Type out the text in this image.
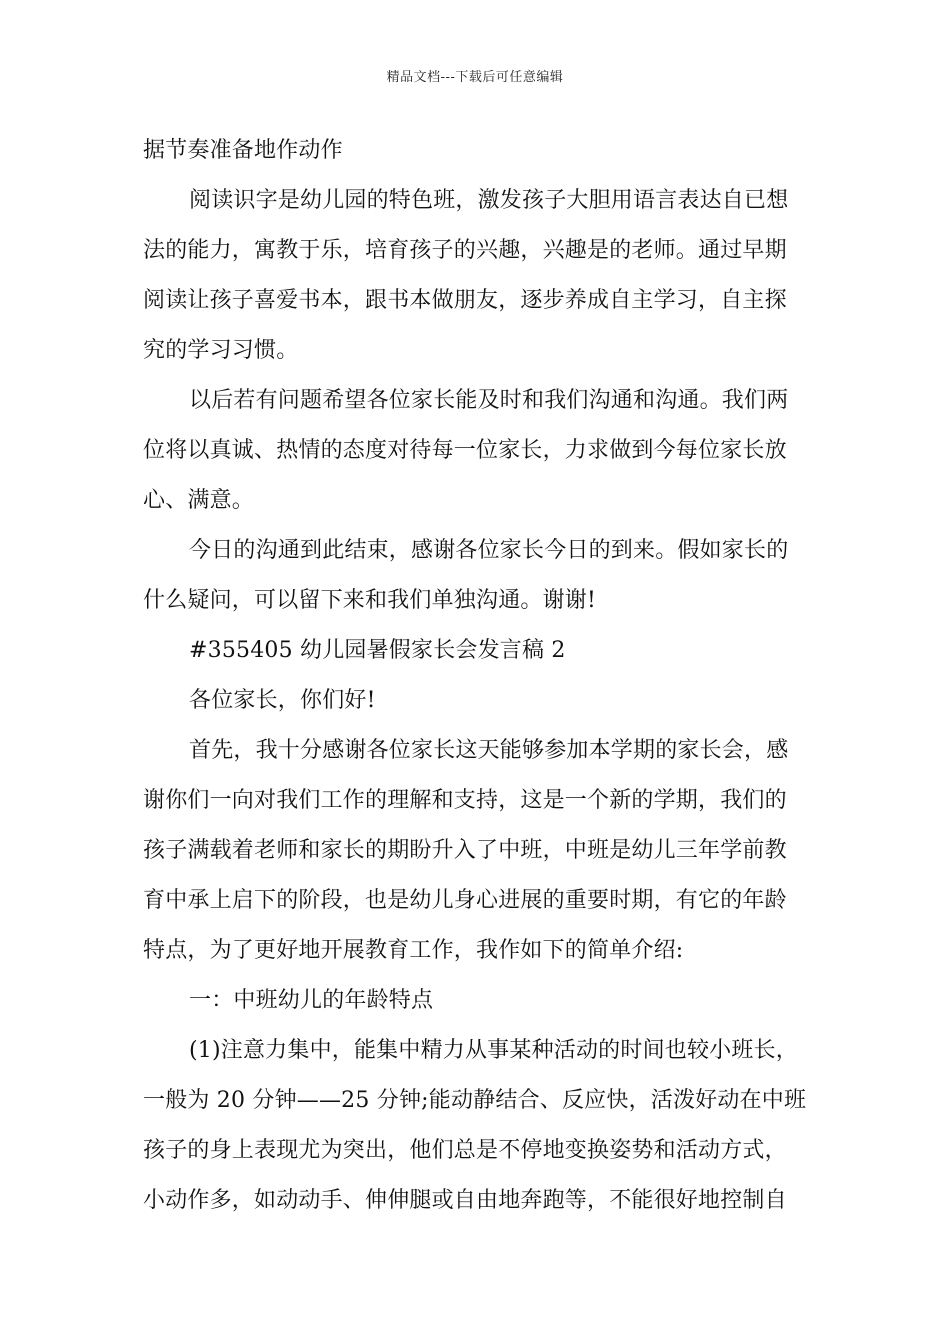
精品文档---下载后可任意编辑
据节奏准备地作动作
阅读识字是幼儿园的特色班，激发孩子大胆用语言表达自已想
法的能力，寓教于乐，培育孩子的兴趣，兴趣是的老师。通过早期
阅读让孩子喜爱书本，跟书本做朋友，逐步养成自主学习，自主探
究的学习习惯。
以后若有问题希望各位家长能及时和我们沟通和沟通。我们两
位将以真诚、热情的态度对待每一位家长，力求做到今每位家长放
心、满意。
今日的沟通到此结束，感谢各位家长今日的到来。假如家长的
什么疑问，可以留下来和我们单独沟通。谢谢!
#355405 幼儿园暑假家长会发言稿 2
各位家长，你们好!
首先，我十分感谢各位家长这天能够参加本学期的家长会，感
谢你们一向对我们工作的理解和支持，这是一个新的学期，我们的
孩子满载着老师和家长的期盼升入了中班，中班是幼儿三年学前教
育中承上启下的阶段，也是幼儿身心进展的重要时期，有它的年龄
特点，为了更好地开展教育工作，我作如下的简单介绍:
一：中班幼儿的年龄特点
(1)注意力集中，能集中精力从事某种活动的时间也较小班长，
一般为 20 分钟——25 分钟;能动静结合、反应快，活泼好动在中班
孩子的身上表现尤为突出，他们总是不停地变换姿势和活动方式，
小动作多，如动动手、伸伸腿或自由地奔跑等，不能很好地控制自
